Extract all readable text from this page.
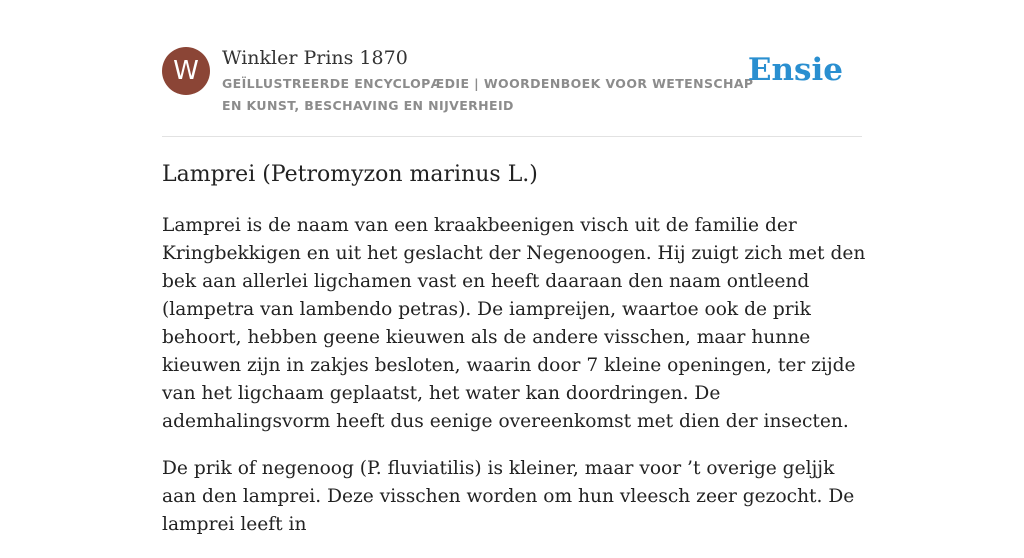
W	Winkler Prins 1870
GEÏLLUSTREERDE ENCYCLOPÆDIE | WOORDENBOEK VOOR WETENSCHAP EN KUNST, BESCHAVING EN NIJVERHEID
Ensie
Lamprei (Petromyzon marinus L.)

Lamprei is de naam van een kraakbeenigen visch uit de familie der Kringbekkigen en uit het geslacht der Negenoogen. Hij zuigt zich met den bek aan allerlei ligchamen vast en heeft daaraan den naam ontleend (lampetra van lambendo petras). De iampreijen, waartoe ook de prik behoort, hebben geene kieuwen als de andere visschen, maar hunne kieuwen zijn in zakjes besloten, waarin door 7 kleine openingen, ter zijde van het ligchaam geplaatst, het water kan doordringen. De ademhalingsvorm heeft dus eenige overeenkomst met dien der insecten.

De prik of negenoog (P. fluviatilis) is kleiner, maar voor ’t overige geljjk aan den lamprei. Deze visschen worden om hun vleesch zeer gezocht. De lamprei leeft in
